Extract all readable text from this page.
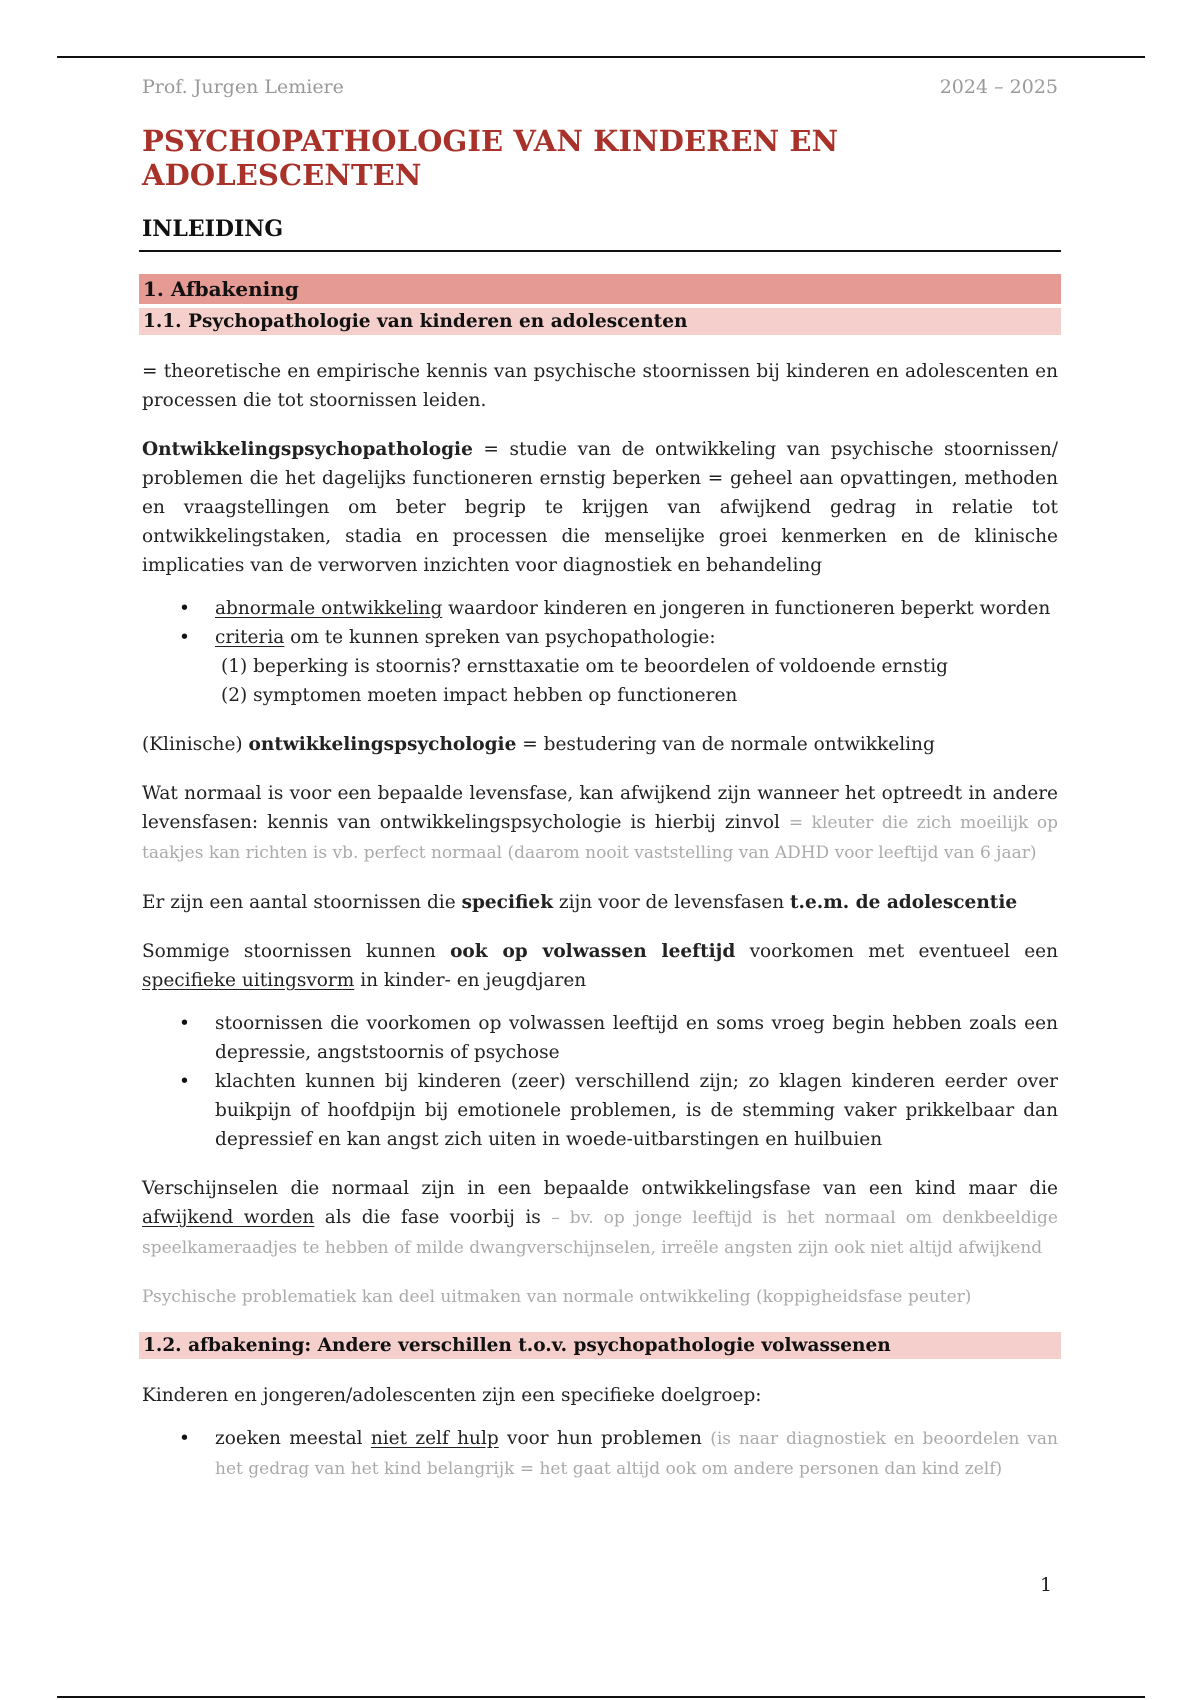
Prof. Jurgen Lemiere	2024 – 2025
PSYCHOPATHOLOGIE VAN KINDEREN EN ADOLESCENTEN
INLEIDING
1. Afbakening
1.1. Psychopathologie van kinderen en adolescenten

= theoretische en empirische kennis van psychische stoornissen bij kinderen en adolescenten en processen die tot stoornissen leiden.

Ontwikkelingspsychopathologie = studie van de ontwikkeling van psychische stoornissen/ problemen die het dagelijks functioneren ernstig beperken = geheel aan opvattingen, methoden en vraagstellingen om beter begrip te krijgen van afwijkend gedrag in relatie tot ontwikkelingstaken, stadia en processen die menselijke groei kenmerken en de klinische implicaties van de verworven inzichten voor diagnostiek en behandeling

• abnormale ontwikkeling waardoor kinderen en jongeren in functioneren beperkt worden
• criteria om te kunnen spreken van psychopathologie:
(1) beperking is stoornis? ernsttaxatie om te beoordelen of voldoende ernstig
(2) symptomen moeten impact hebben op functioneren

(Klinische) ontwikkelingspsychologie = bestudering van de normale ontwikkeling

Wat normaal is voor een bepaalde levensfase, kan afwijkend zijn wanneer het optreedt in andere levensfasen: kennis van ontwikkelingspsychologie is hierbij zinvol = kleuter die zich moeilijk op taakjes kan richten is vb. perfect normaal (daarom nooit vaststelling van ADHD voor leeftijd van 6 jaar)

Er zijn een aantal stoornissen die specifiek zijn voor de levensfasen t.e.m. de adolescentie

Sommige stoornissen kunnen ook op volwassen leeftijd voorkomen met eventueel een specifieke uitingsvorm in kinder- en jeugdjaren

• stoornissen die voorkomen op volwassen leeftijd en soms vroeg begin hebben zoals een depressie, angststoornis of psychose
• klachten kunnen bij kinderen (zeer) verschillend zijn; zo klagen kinderen eerder over buikpijn of hoofdpijn bij emotionele problemen, is de stemming vaker prikkelbaar dan depressief en kan angst zich uiten in woede-uitbarstingen en huilbuien

Verschijnselen die normaal zijn in een bepaalde ontwikkelingsfase van een kind maar die afwijkend worden als die fase voorbij is – bv. op jonge leeftijd is het normaal om denkbeeldige speelkameraadjes te hebben of milde dwangverschijnselen, irreële angsten zijn ook niet altijd afwijkend

Psychische problematiek kan deel uitmaken van normale ontwikkeling (koppigheidsfase peuter)

1.2. afbakening: Andere verschillen t.o.v. psychopathologie volwassenen

Kinderen en jongeren/adolescenten zijn een specifieke doelgroep:

• zoeken meestal niet zelf hulp voor hun problemen (is naar diagnostiek en beoordelen van het gedrag van het kind belangrijk = het gaat altijd ook om andere personen dan kind zelf)
1
